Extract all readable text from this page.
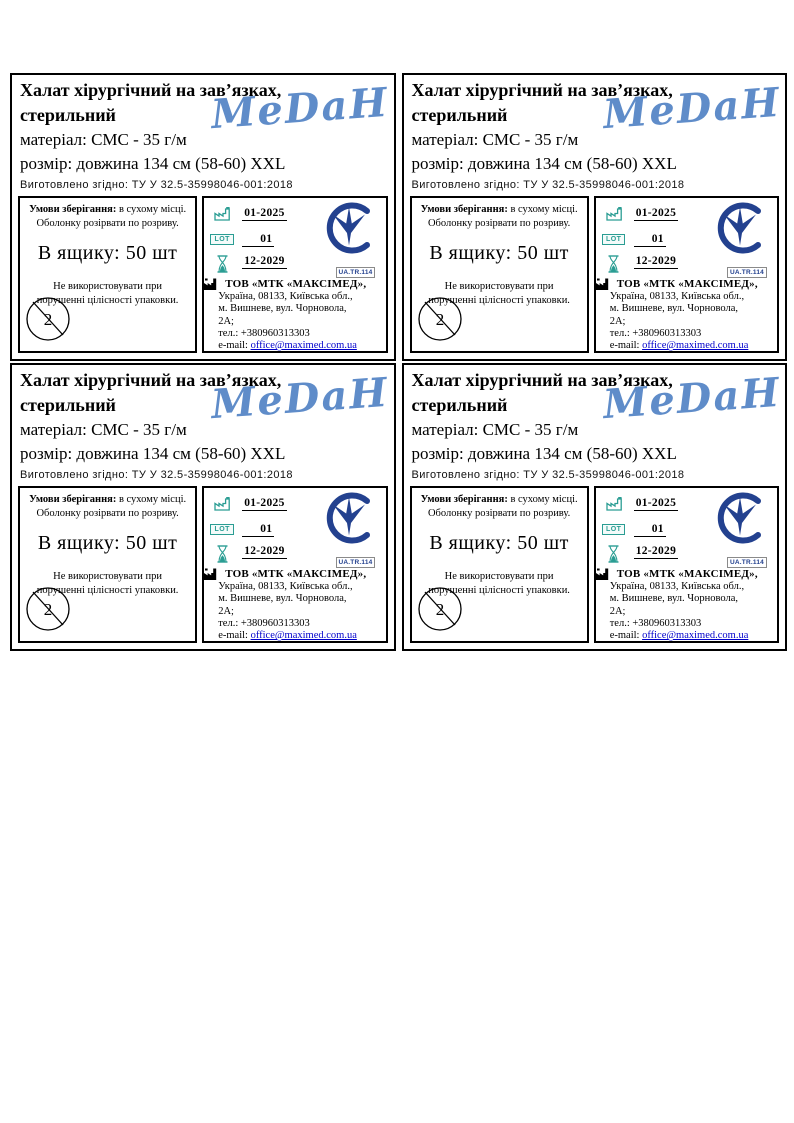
Халат хірургічний на зав’язках,
стерильний
матеріал: СМС - 35 г/м
розмір: довжина 134 см (58-60) XXL
Виготовлено згідно: ТУ У 32.5-35998046-001:2018
MeDaH
Умови зберігання: в сухому місці.
Оболонку розірвати по розриву.
В ящику: 50 шт
Не використовувати при порушенні цілісності упаковки.
2
01-2025
LOT	01
12-2029
ТОВ «МТК «МАКСІМЕД»,
Україна, 08133, Київська обл.,
м. Вишневе, вул. Чорновола,
2А;
тел.: +380960313303
e-mail: office@maximed.com.ua
UA.TR.114
Халат хірургічний на зав’язках,
стерильний
матеріал: СМС - 35 г/м
розмір: довжина 134 см (58-60) XXL
Виготовлено згідно: ТУ У 32.5-35998046-001:2018
MeDaH
Умови зберігання: в сухому місці.
Оболонку розірвати по розриву.
В ящику: 50 шт
Не використовувати при порушенні цілісності упаковки.
2
01-2025
LOT	01
12-2029
ТОВ «МТК «МАКСІМЕД»,
Україна, 08133, Київська обл.,
м. Вишневе, вул. Чорновола,
2А;
тел.: +380960313303
e-mail: office@maximed.com.ua
UA.TR.114
Халат хірургічний на зав’язках,
стерильний
матеріал: СМС - 35 г/м
розмір: довжина 134 см (58-60) XXL
Виготовлено згідно: ТУ У 32.5-35998046-001:2018
MeDaH
Умови зберігання: в сухому місці.
Оболонку розірвати по розриву.
В ящику: 50 шт
Не використовувати при порушенні цілісності упаковки.
2
01-2025
LOT	01
12-2029
ТОВ «МТК «МАКСІМЕД»,
Україна, 08133, Київська обл.,
м. Вишневе, вул. Чорновола,
2А;
тел.: +380960313303
e-mail: office@maximed.com.ua
UA.TR.114
Халат хірургічний на зав’язках,
стерильний
матеріал: СМС - 35 г/м
розмір: довжина 134 см (58-60) XXL
Виготовлено згідно: ТУ У 32.5-35998046-001:2018
MeDaH
Умови зберігання: в сухому місці.
Оболонку розірвати по розриву.
В ящику: 50 шт
Не використовувати при порушенні цілісності упаковки.
2
01-2025
LOT	01
12-2029
ТОВ «МТК «МАКСІМЕД»,
Україна, 08133, Київська обл.,
м. Вишневе, вул. Чорновола,
2А;
тел.: +380960313303
e-mail: office@maximed.com.ua
UA.TR.114
